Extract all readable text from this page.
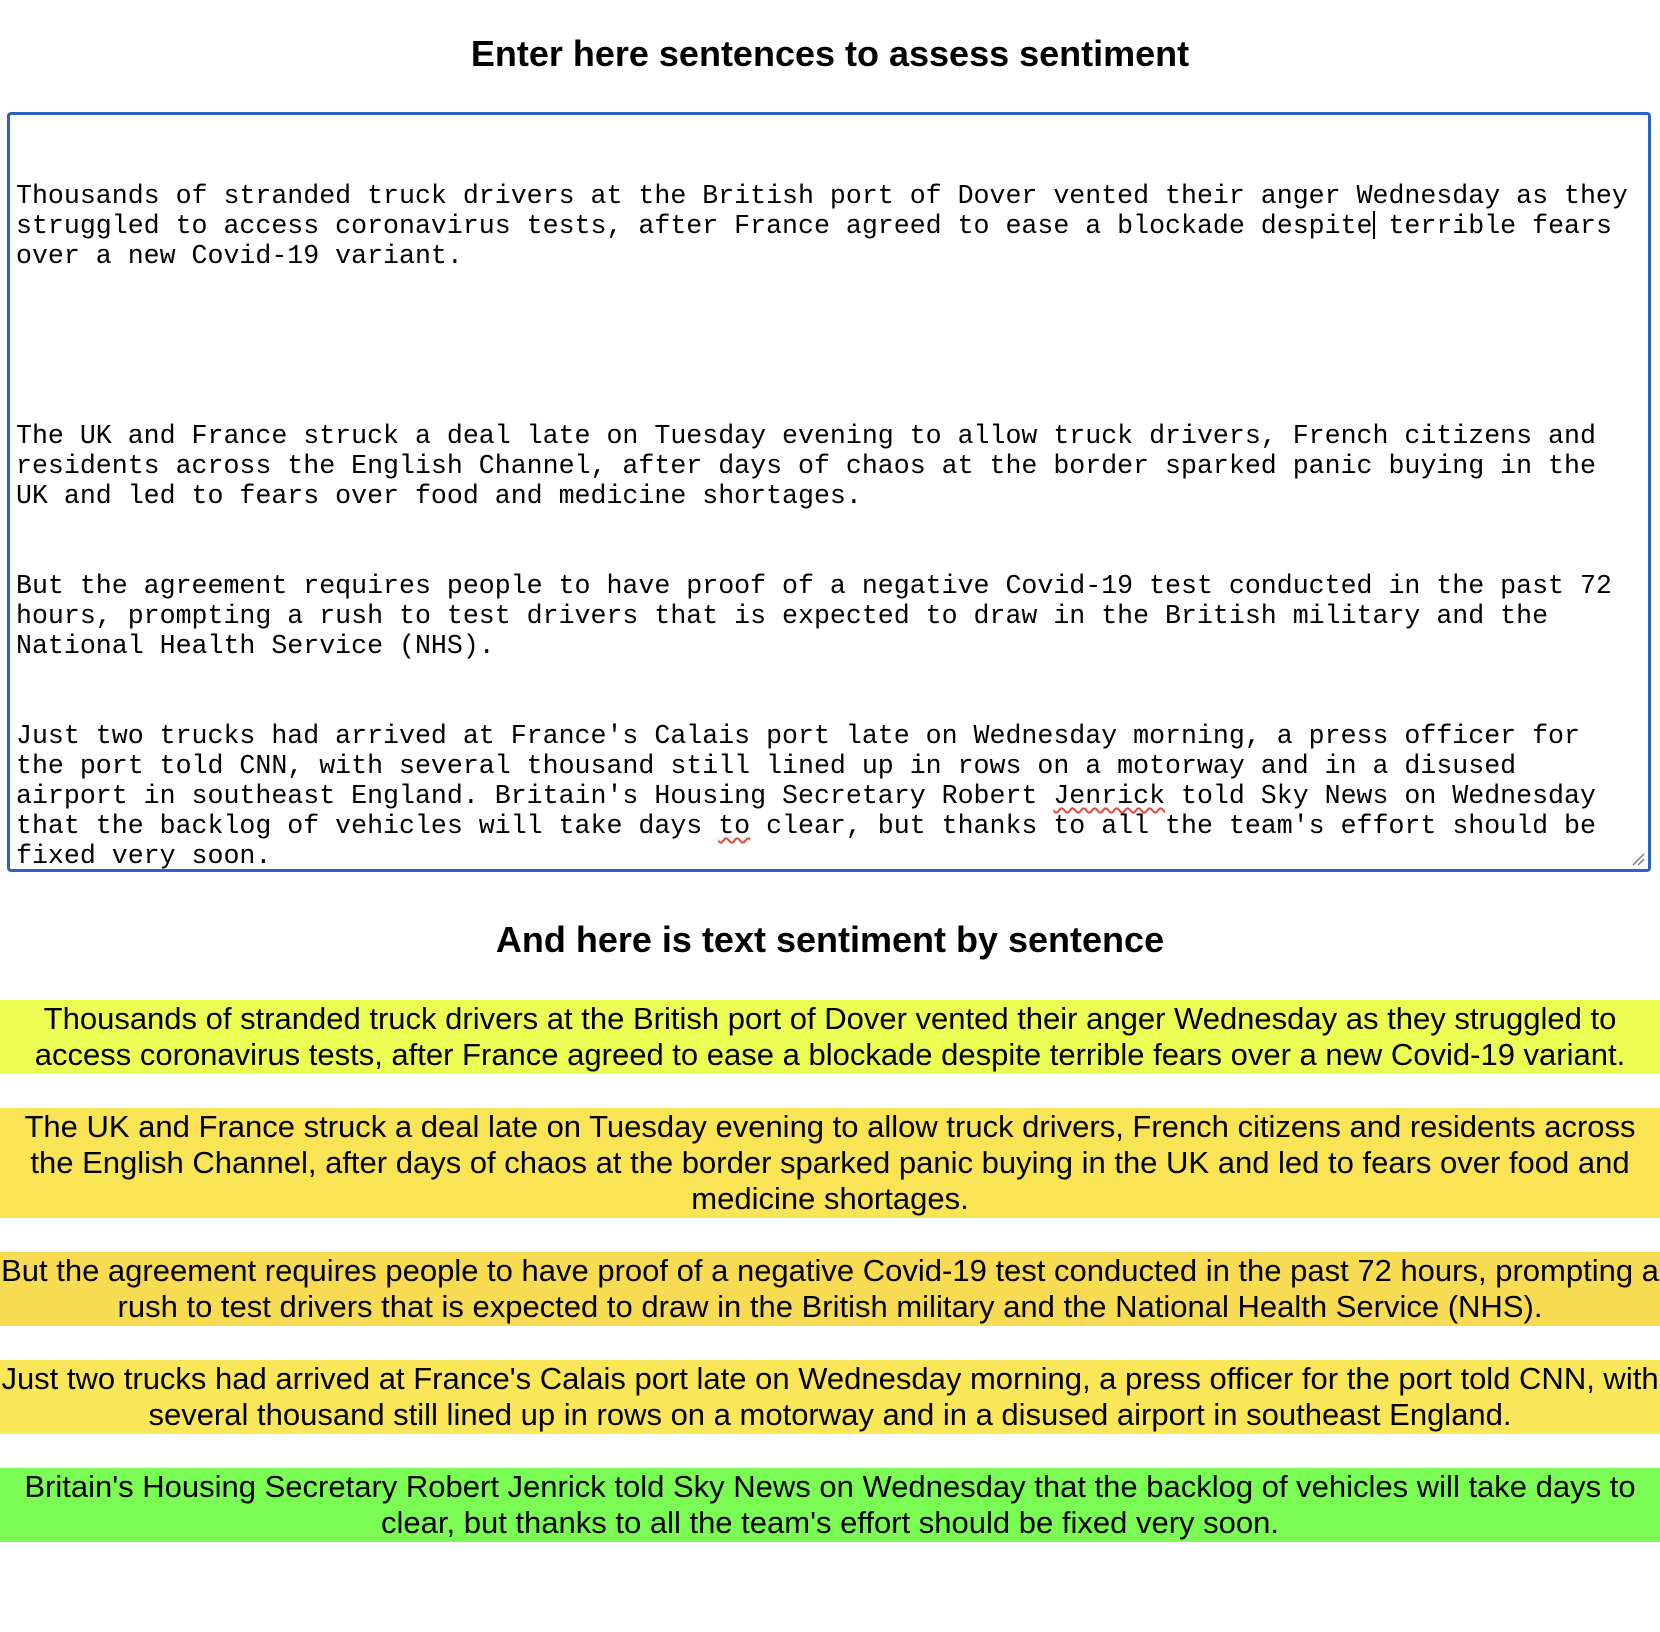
Enter here sentences to assess sentiment

Thousands of stranded truck drivers at the British port of Dover vented their anger Wednesday as they
struggled to access coronavirus tests, after France agreed to ease a blockade despite terrible fears
over a new Covid-19 variant.

The UK and France struck a deal late on Tuesday evening to allow truck drivers, French citizens and residents across the English Channel, after days of chaos at the border sparked panic buying in the UK and led to fears over food and medicine shortages.

But the agreement requires people to have proof of a negative Covid-19 test conducted in the past 72 hours, prompting a rush to test drivers that is expected to draw in the British military and the National Health Service (NHS).

Just two trucks had arrived at France's Calais port late on Wednesday morning, a press officer for the port told CNN, with several thousand still lined up in rows on a motorway and in a disused airport in southeast England. Britain's Housing Secretary Robert Jenrick told Sky News on Wednesday that the backlog of vehicles will take days to clear, but thanks to all the team's effort should be fixed very soon.

And here is text sentiment by sentence
Thousands of stranded truck drivers at the British port of Dover vented their anger Wednesday as they struggled to access coronavirus tests, after France agreed to ease a blockade despite terrible fears over a new Covid-19 variant.
The UK and France struck a deal late on Tuesday evening to allow truck drivers, French citizens and residents across the English Channel, after days of chaos at the border sparked panic buying in the UK and led to fears over food and medicine shortages.
But the agreement requires people to have proof of a negative Covid-19 test conducted in the past 72 hours, prompting a rush to test drivers that is expected to draw in the British military and the National Health Service (NHS).
Just two trucks had arrived at France's Calais port late on Wednesday morning, a press officer for the port told CNN, with several thousand still lined up in rows on a motorway and in a disused airport in southeast England.
Britain's Housing Secretary Robert Jenrick told Sky News on Wednesday that the backlog of vehicles will take days to clear, but thanks to all the team's effort should be fixed very soon.
